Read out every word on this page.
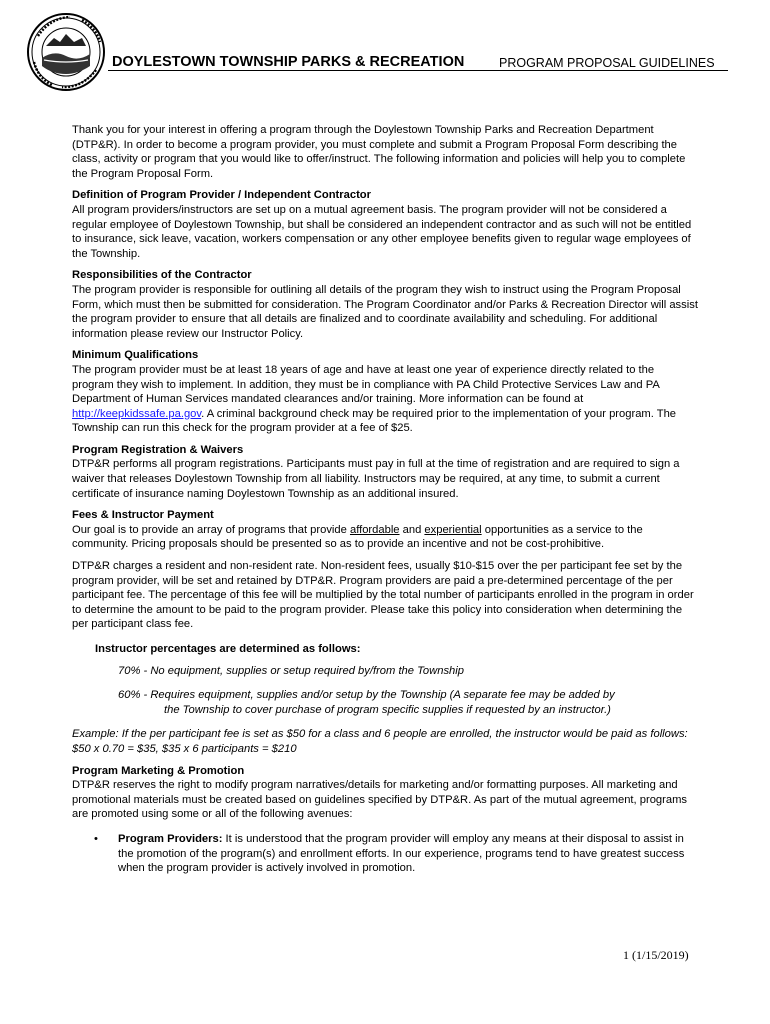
DOYLESTOWN TOWNSHIP PARKS & RECREATION	PROGRAM PROPOSAL GUIDELINES

Thank you for your interest in offering a program through the Doylestown Township Parks and Recreation Department (DTP&R). In order to become a program provider, you must complete and submit a Program Proposal Form describing the class, activity or program that you would like to offer/instruct. The following information and policies will help you to complete the Program Proposal Form.

Definition of Program Provider / Independent Contractor

All program providers/instructors are set up on a mutual agreement basis. The program provider will not be considered a regular employee of Doylestown Township, but shall be considered an independent contractor and as such will not be entitled to insurance, sick leave, vacation, workers compensation or any other employee benefits given to regular wage employees of the Township.

Responsibilities of the Contractor

The program provider is responsible for outlining all details of the program they wish to instruct using the Program Proposal Form, which must then be submitted for consideration. The Program Coordinator and/or Parks & Recreation Director will assist the program provider to ensure that all details are finalized and to coordinate availability and scheduling. For additional information please review our Instructor Policy.

Minimum Qualifications

The program provider must be at least 18 years of age and have at least one year of experience directly related to the program they wish to implement. In addition, they must be in compliance with PA Child Protective Services Law and PA Department of Human Services mandated clearances and/or training. More information can be found at http://keepkidssafe.pa.gov. A criminal background check may be required prior to the implementation of your program. The Township can run this check for the program provider at a fee of $25.

Program Registration & Waivers

DTP&R performs all program registrations. Participants must pay in full at the time of registration and are required to sign a waiver that releases Doylestown Township from all liability. Instructors may be required, at any time, to submit a current certificate of insurance naming Doylestown Township as an additional insured.

Fees & Instructor Payment

Our goal is to provide an array of programs that provide affordable and experiential opportunities as a service to the community. Pricing proposals should be presented so as to provide an incentive and not be cost-prohibitive.

DTP&R charges a resident and non-resident rate. Non-resident fees, usually $10-$15 over the per participant fee set by the program provider, will be set and retained by DTP&R. Program providers are paid a pre-determined percentage of the per participant fee. The percentage of this fee will be multiplied by the total number of participants enrolled in the program in order to determine the amount to be paid to the program provider. Please take this policy into consideration when determining the per participant class fee.

Instructor percentages are determined as follows:
70% - No equipment, supplies or setup required by/from the Township
60% - Requires equipment, supplies and/or setup by the Township (A separate fee may be added by
the Township to cover purchase of program specific supplies if requested by an instructor.)

Example: If the per participant fee is set as $50 for a class and 6 people are enrolled, the instructor would be paid as follows: $50 x 0.70 = $35, $35 x 6 participants = $210

Program Marketing & Promotion

DTP&R reserves the right to modify program narratives/details for marketing and/or formatting purposes. All marketing and promotional materials must be created based on guidelines specified by DTP&R. As part of the mutual agreement, programs are promoted using some or all of the following avenues:

•	Program Providers: It is understood that the program provider will employ any means at their disposal to assist in the promotion of the program(s) and enrollment efforts. In our experience, programs tend to have greatest success when the program provider is actively involved in promotion.
1 (1/15/2019)
